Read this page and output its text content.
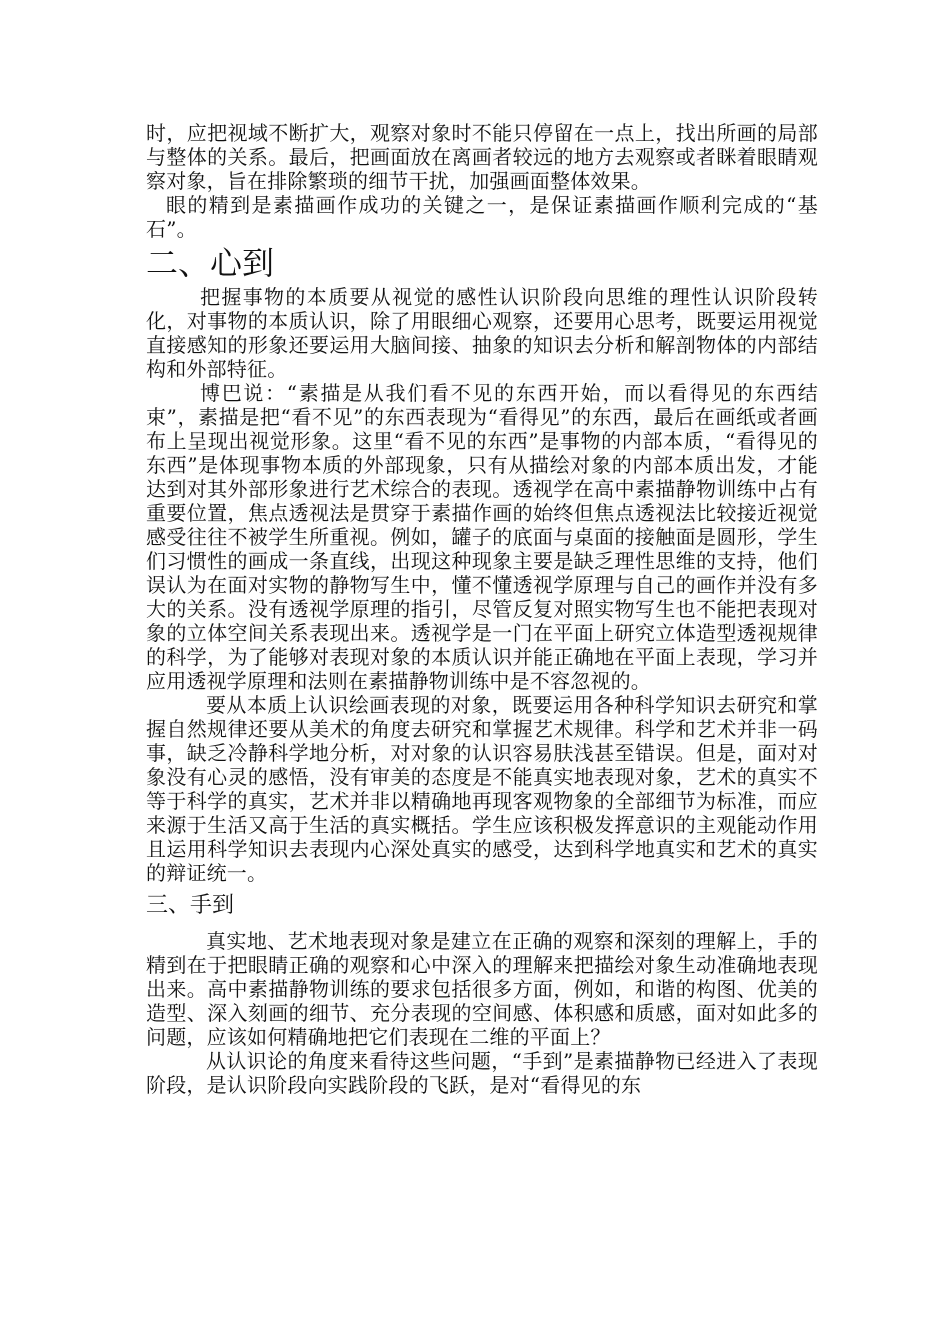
时，应把视域不断扩大，观察对象时不能只停留在一点上，找出所画的局部与整体的关系。最后，把画面放在离画者较远的地方去观察或者眯着眼睛观察对象，旨在排除繁琐的细节干扰，加强画面整体效果。

眼的精到是素描画作成功的关键之一，是保证素描画作顺利完成的“基石”。

二、心到

把握事物的本质要从视觉的感性认识阶段向思维的理性认识阶段转化，对事物的本质认识，除了用眼细心观察，还要用心思考，既要运用视觉直接感知的形象还要运用大脑间接、抽象的知识去分析和解剖物体的内部结构和外部特征。

博巴说：“素描是从我们看不见的东西开始，而以看得见的东西结束”，素描是把“看不见”的东西表现为“看得见”的东西，最后在画纸或者画布上呈现出视觉形象。这里“看不见的东西”是事物的内部本质，“看得见的东西”是体现事物本质的外部现象，只有从描绘对象的内部本质出发，才能达到对其外部形象进行艺术综合的表现。透视学在高中素描静物训练中占有重要位置，焦点透视法是贯穿于素描作画的始终但焦点透视法比较接近视觉感受往往不被学生所重视。例如，罐子的底面与桌面的接触面是圆形，学生们习惯性的画成一条直线，出现这种现象主要是缺乏理性思维的支持，他们误认为在面对实物的静物写生中，懂不懂透视学原理与自己的画作并没有多大的关系。没有透视学原理的指引，尽管反复对照实物写生也不能把表现对象的立体空间关系表现出来。透视学是一门在平面上研究立体造型透视规律的科学，为了能够对表现对象的本质认识并能正确地在平面上表现，学习并应用透视学原理和法则在素描静物训练中是不容忽视的。

要从本质上认识绘画表现的对象，既要运用各种科学知识去研究和掌握自然规律还要从美术的角度去研究和掌握艺术规律。科学和艺术并非一码事，缺乏冷静科学地分析，对对象的认识容易肤浅甚至错误。但是，面对对象没有心灵的感悟，没有审美的态度是不能真实地表现对象，艺术的真实不等于科学的真实，艺术并非以精确地再现客观物象的全部细节为标准，而应来源于生活又高于生活的真实概括。学生应该积极发挥意识的主观能动作用且运用科学知识去表现内心深处真实的感受，达到科学地真实和艺术的真实的辩证统一。

三、手到

真实地、艺术地表现对象是建立在正确的观察和深刻的理解上，手的精到在于把眼睛正确的观察和心中深入的理解来把描绘对象生动准确地表现出来。高中素描静物训练的要求包括很多方面，例如，和谐的构图、优美的造型、深入刻画的细节、充分表现的空间感、体积感和质感，面对如此多的问题，应该如何精确地把它们表现在二维的平面上？

从认识论的角度来看待这些问题，“手到”是素描静物已经进入了表现阶段，是认识阶段向实践阶段的飞跃，是对“看得见的东
